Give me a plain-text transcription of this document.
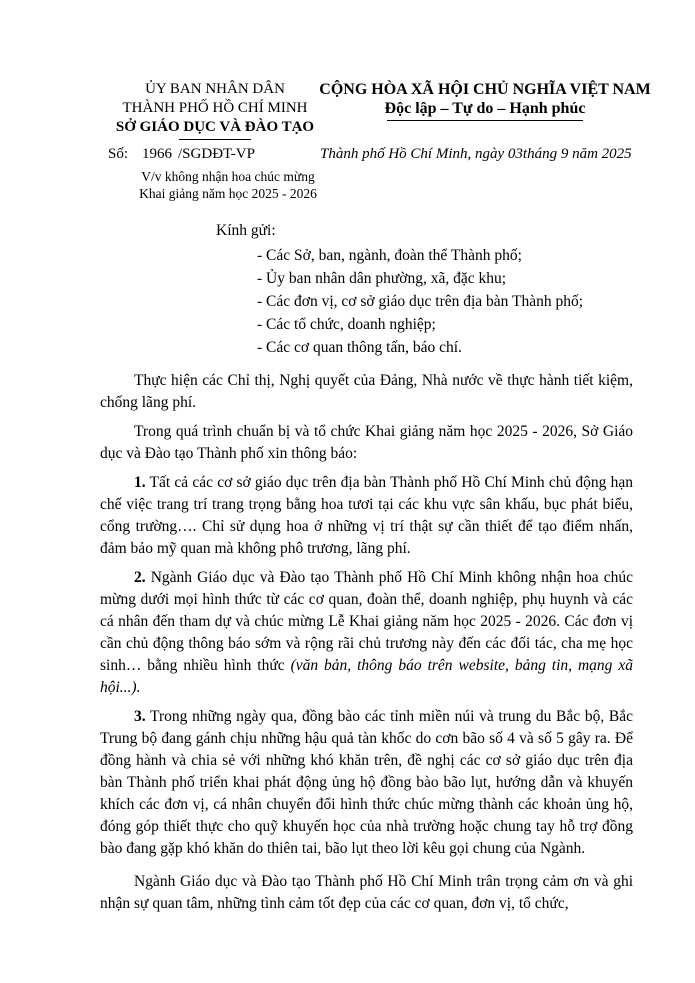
ỦY BAN NHÂN DÂN
THÀNH PHỐ HỒ CHÍ MINH
SỞ GIÁO DỤC VÀ ĐÀO TẠO
CỘNG HÒA XÃ HỘI CHỦ NGHĨA VIỆT NAM
Độc lập – Tự do – Hạnh phúc
Số: 1966 /SGDĐT-VP	Thành phố Hồ Chí Minh, ngày 03tháng 9 năm 2025
V/v không nhận hoa chúc mừng
Khai giảng năm học 2025 - 2026
Kính gửi:
- Các Sở, ban, ngành, đoàn thể Thành phố;
- Ủy ban nhân dân phường, xã, đặc khu;
- Các đơn vị, cơ sở giáo dục trên địa bàn Thành phố;
- Các tổ chức, doanh nghiệp;
- Các cơ quan thông tấn, báo chí.

Thực hiện các Chỉ thị, Nghị quyết của Đảng, Nhà nước về thực hành tiết kiệm, chống lãng phí.

Trong quá trình chuẩn bị và tổ chức Khai giảng năm học 2025 - 2026, Sở Giáo dục và Đào tạo Thành phố xin thông báo:

1. Tất cả các cơ sở giáo dục trên địa bàn Thành phố Hồ Chí Minh chủ động hạn chế việc trang trí trang trọng bằng hoa tươi tại các khu vực sân khấu, bục phát biểu, cổng trường…. Chỉ sử dụng hoa ở những vị trí thật sự cần thiết để tạo điểm nhấn, đảm bảo mỹ quan mà không phô trương, lãng phí.

2. Ngành Giáo dục và Đào tạo Thành phố Hồ Chí Minh không nhận hoa chúc mừng dưới mọi hình thức từ các cơ quan, đoàn thể, doanh nghiệp, phụ huynh và các cá nhân đến tham dự và chúc mừng Lễ Khai giảng năm học 2025 - 2026. Các đơn vị cần chủ động thông báo sớm và rộng rãi chủ trương này đến các đối tác, cha mẹ học sinh… bằng nhiều hình thức (văn bản, thông báo trên website, bảng tin, mạng xã hội...).

3. Trong những ngày qua, đồng bào các tỉnh miền núi và trung du Bắc bộ, Bắc Trung bộ đang gánh chịu những hậu quả tàn khốc do cơn bão số 4 và số 5 gây ra. Để đồng hành và chia sẻ với những khó khăn trên, đề nghị các cơ sở giáo dục trên địa bàn Thành phố triển khai phát động ủng hộ đồng bào bão lụt, hướng dẫn và khuyến khích các đơn vị, cá nhân chuyển đổi hình thức chúc mừng thành các khoản ủng hộ, đóng góp thiết thực cho quỹ khuyến học của nhà trường hoặc chung tay hỗ trợ đồng bào đang gặp khó khăn do thiên tai, bão lụt theo lời kêu gọi chung của Ngành.

Ngành Giáo dục và Đào tạo Thành phố Hồ Chí Minh trân trọng cảm ơn và ghi nhận sự quan tâm, những tình cảm tốt đẹp của các cơ quan, đơn vị, tổ chức,
